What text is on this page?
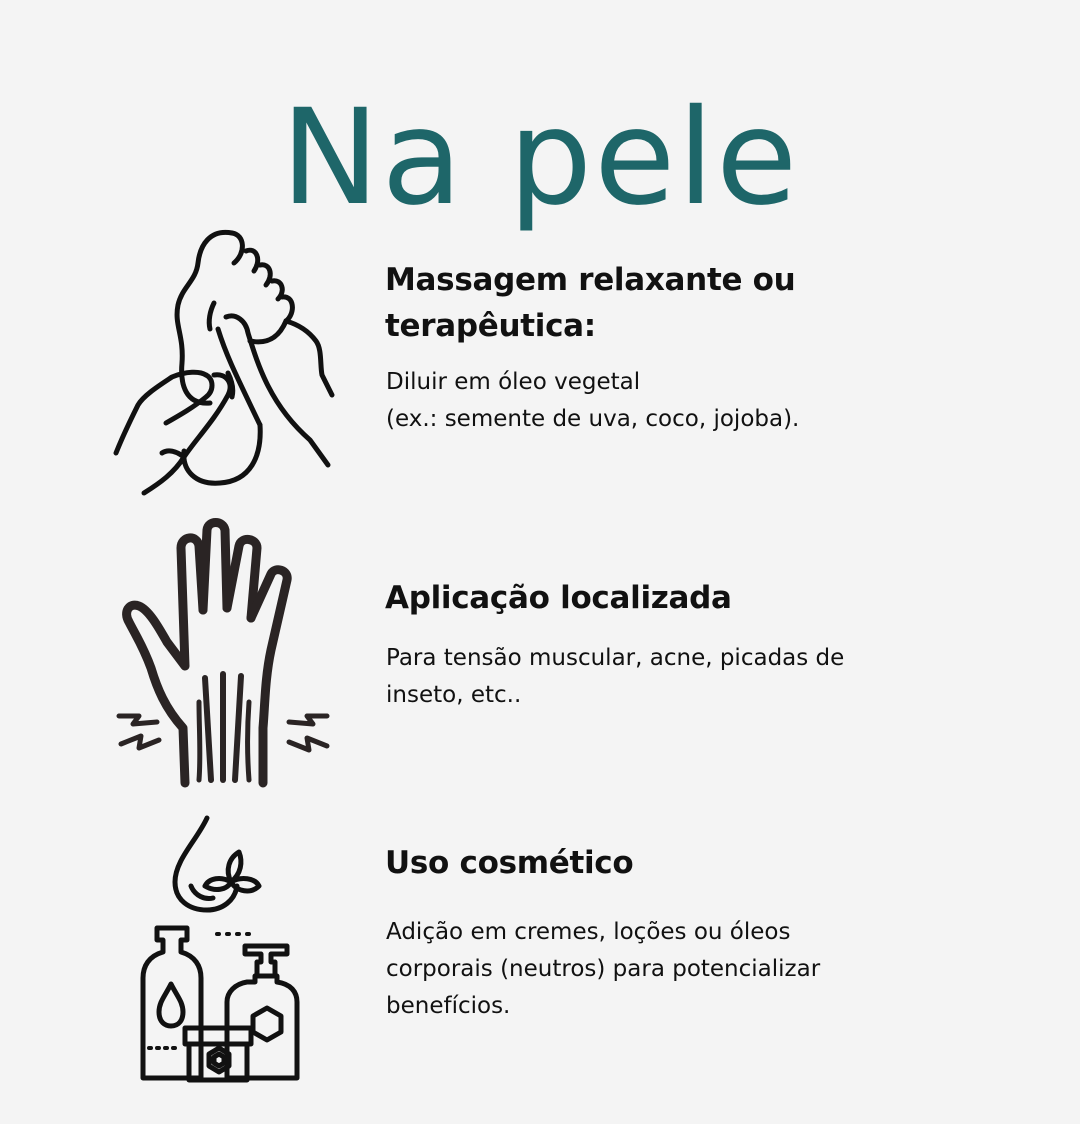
Na pele
Massagem relaxante ou
terapêutica:

Diluir em óleo vegetal
(ex.: semente de uva, coco, jojoba).

Aplicação localizada

Para tensão muscular, acne, picadas de
inseto, etc..

Uso cosmético

Adição em cremes, loções ou óleos
corporais (neutros) para potencializar
benefícios.
